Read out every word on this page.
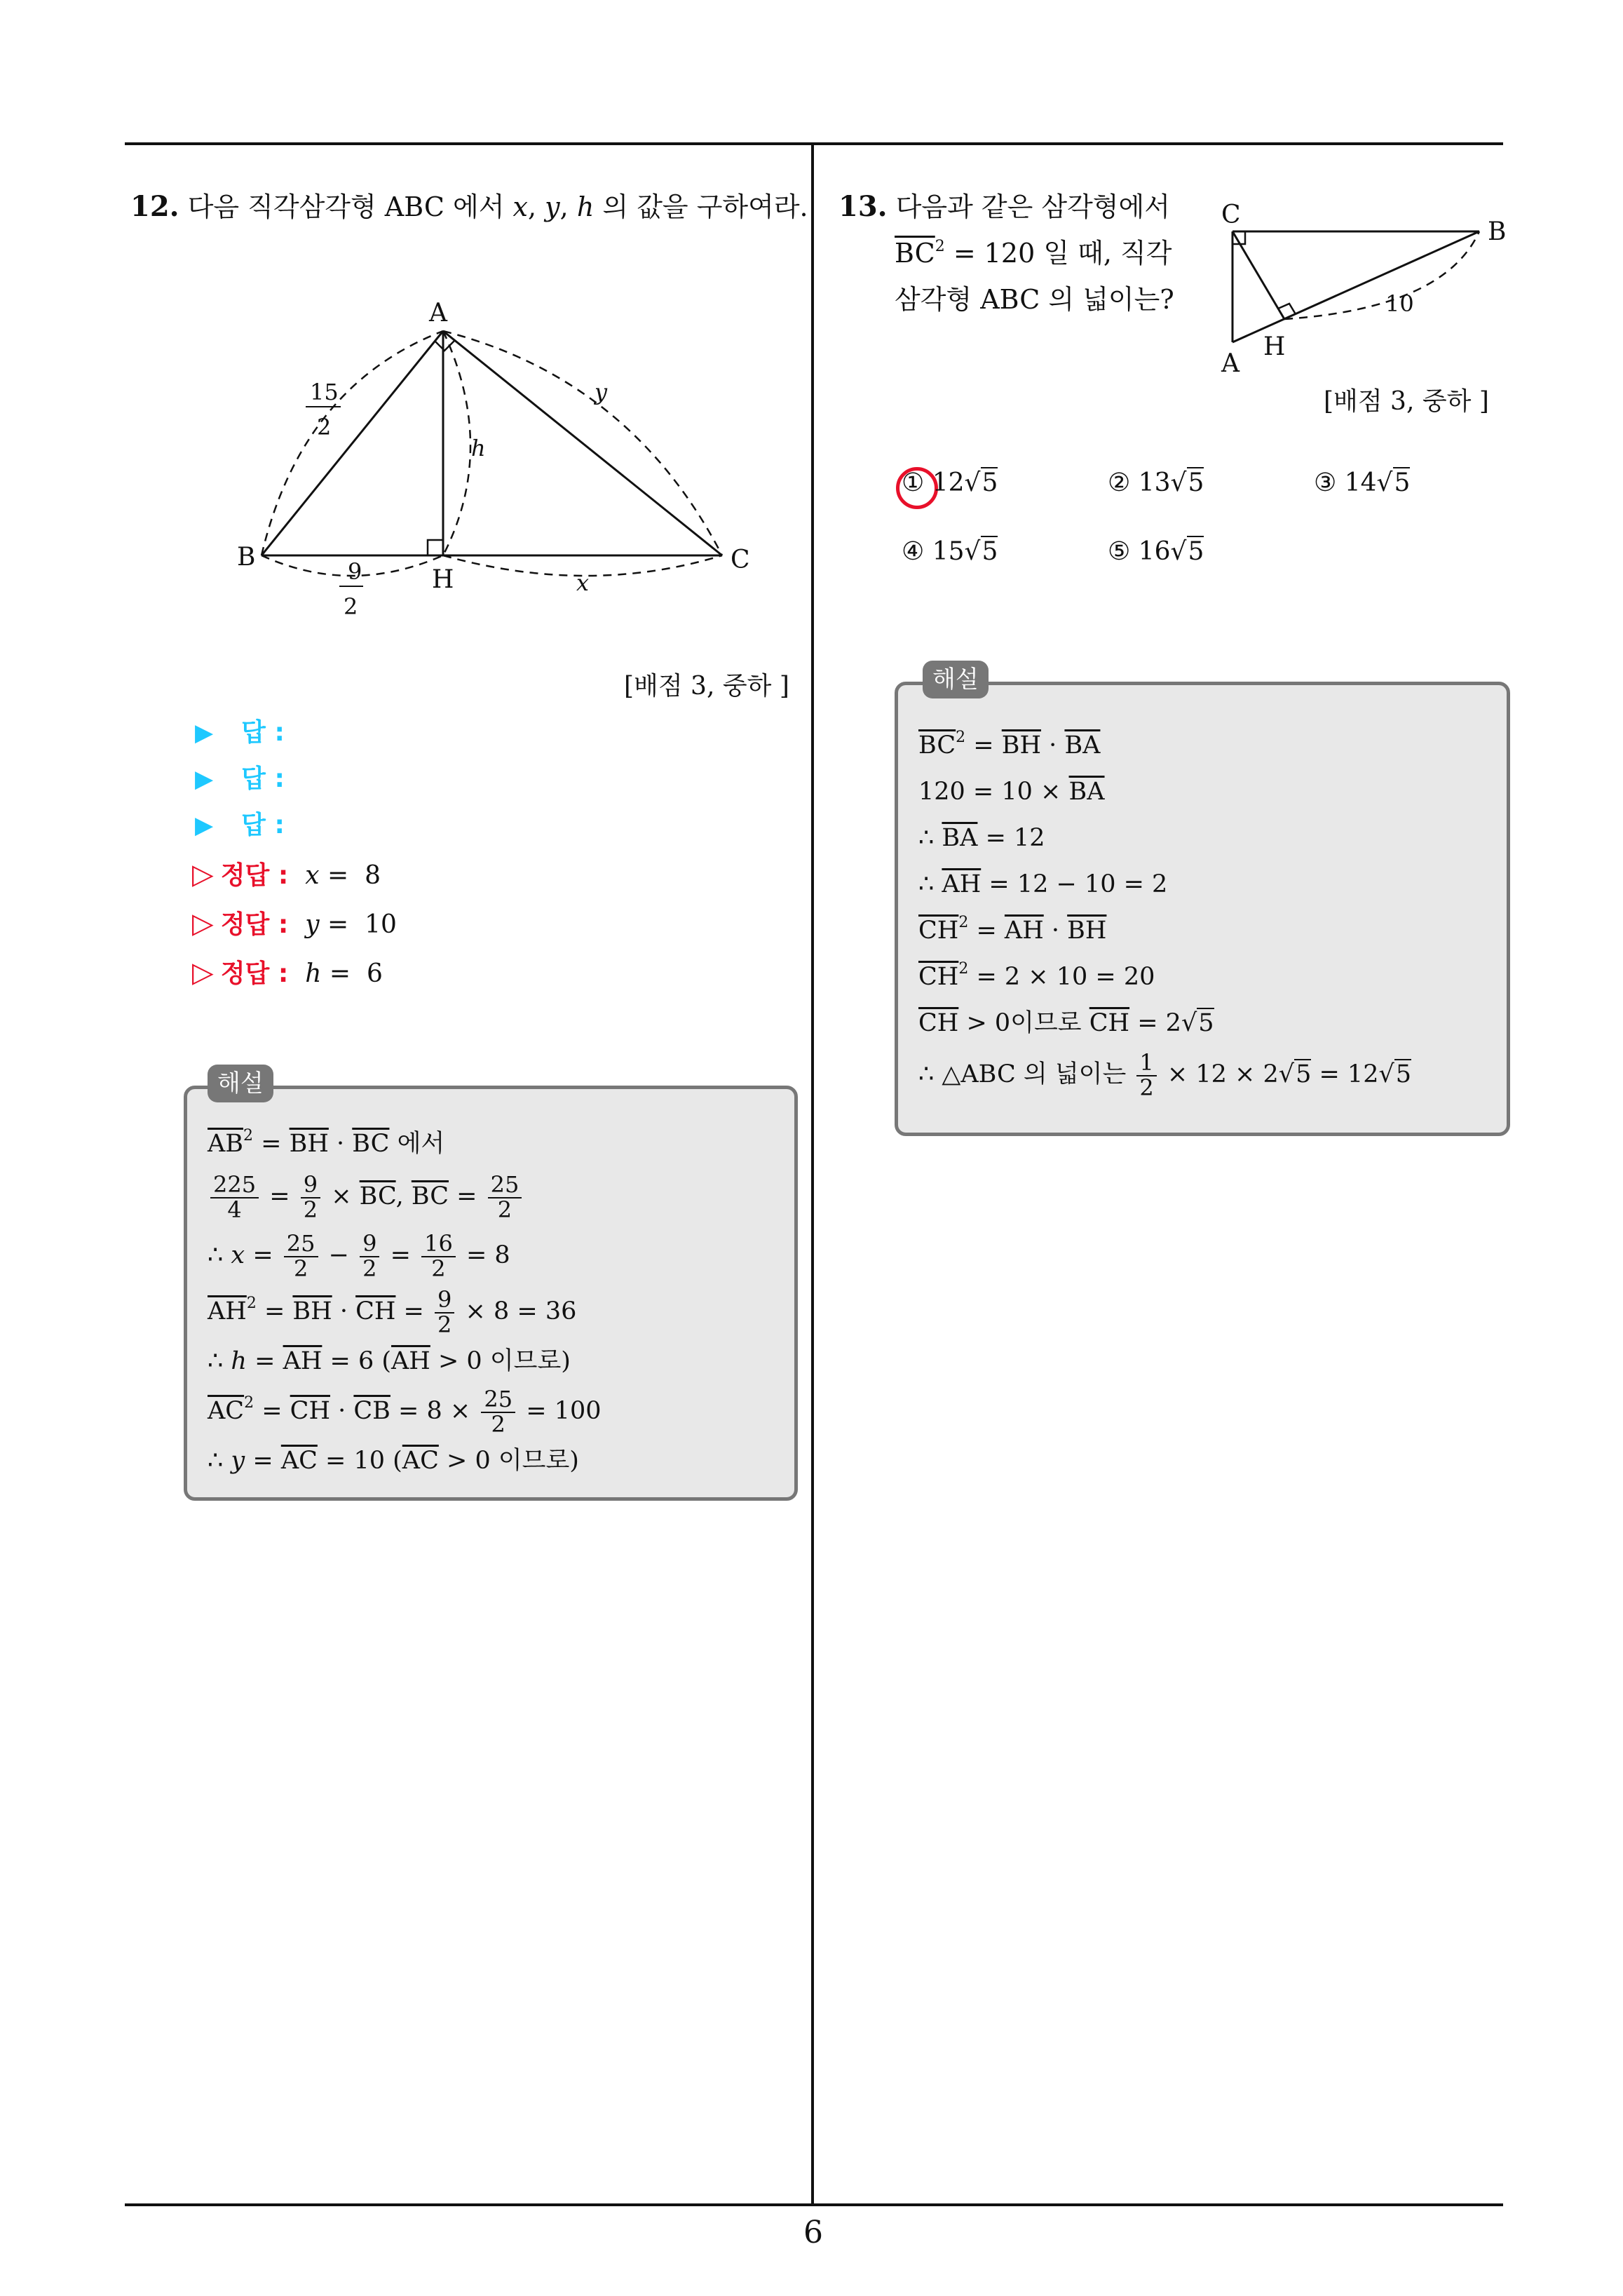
6
12. 다음 직각삼각형 ABC 에서 x, y, h 의 값을 구하여라.
A
B	C
H
15
2
9
2
h
y
x
[배점 3, 중하 ]
▶ 답 :
▶ 답 :
▶ 답 :
▷ 정답 : x = 8
▷ 정답 : y = 10
▷ 정답 : h = 6
해설
$\overline{AB}^2 = \overline{BH} \cdot \overline{BC}$ 에서
$\frac{225}{4} = \frac{9}{2} \times \overline{BC}$, $\overline{BC} = \frac{25}{2}$
∴ $x = \frac{25}{2} - \frac{9}{2} = \frac{16}{2} = 8$
$\overline{AH}^2 = \overline{BH} \cdot \overline{CH} = \frac{9}{2} \times 8 = 36$
∴ $h = \overline{AH} = 6$ ($\overline{AH} > 0$ 이므로)
$\overline{AC}^2 = \overline{CH} \cdot \overline{CB} = 8 \times \frac{25}{2} = 100$
∴ $y = \overline{AC} = 10$ ($\overline{AC} > 0$ 이므로)
13. 다음과 같은 삼각형에서
$\overline{BC}^2 = 120$ 일 때, 직각
삼각형 ABC 의 넓이는?
C
B
A
H
10
[배점 3, 중하 ]
① 12√5	② 13√5	③ 14√5
④ 15√5	⑤ 16√5
해설
$\overline{BC}^2 = \overline{BH} \cdot \overline{BA}$
$120 = 10 \times \overline{BA}$
∴ $\overline{BA} = 12$
∴ $\overline{AH} = 12 - 10 = 2$
$\overline{CH}^2 = \overline{AH} \cdot \overline{BH}$
$\overline{CH}^2 = 2 \times 10 = 20$
$\overline{CH} > 0$이므로 $\overline{CH} = 2√5$
∴ △ABC 의 넓이는 $\frac{1}{2} \times 12 \times 2√5 = 12√5$
